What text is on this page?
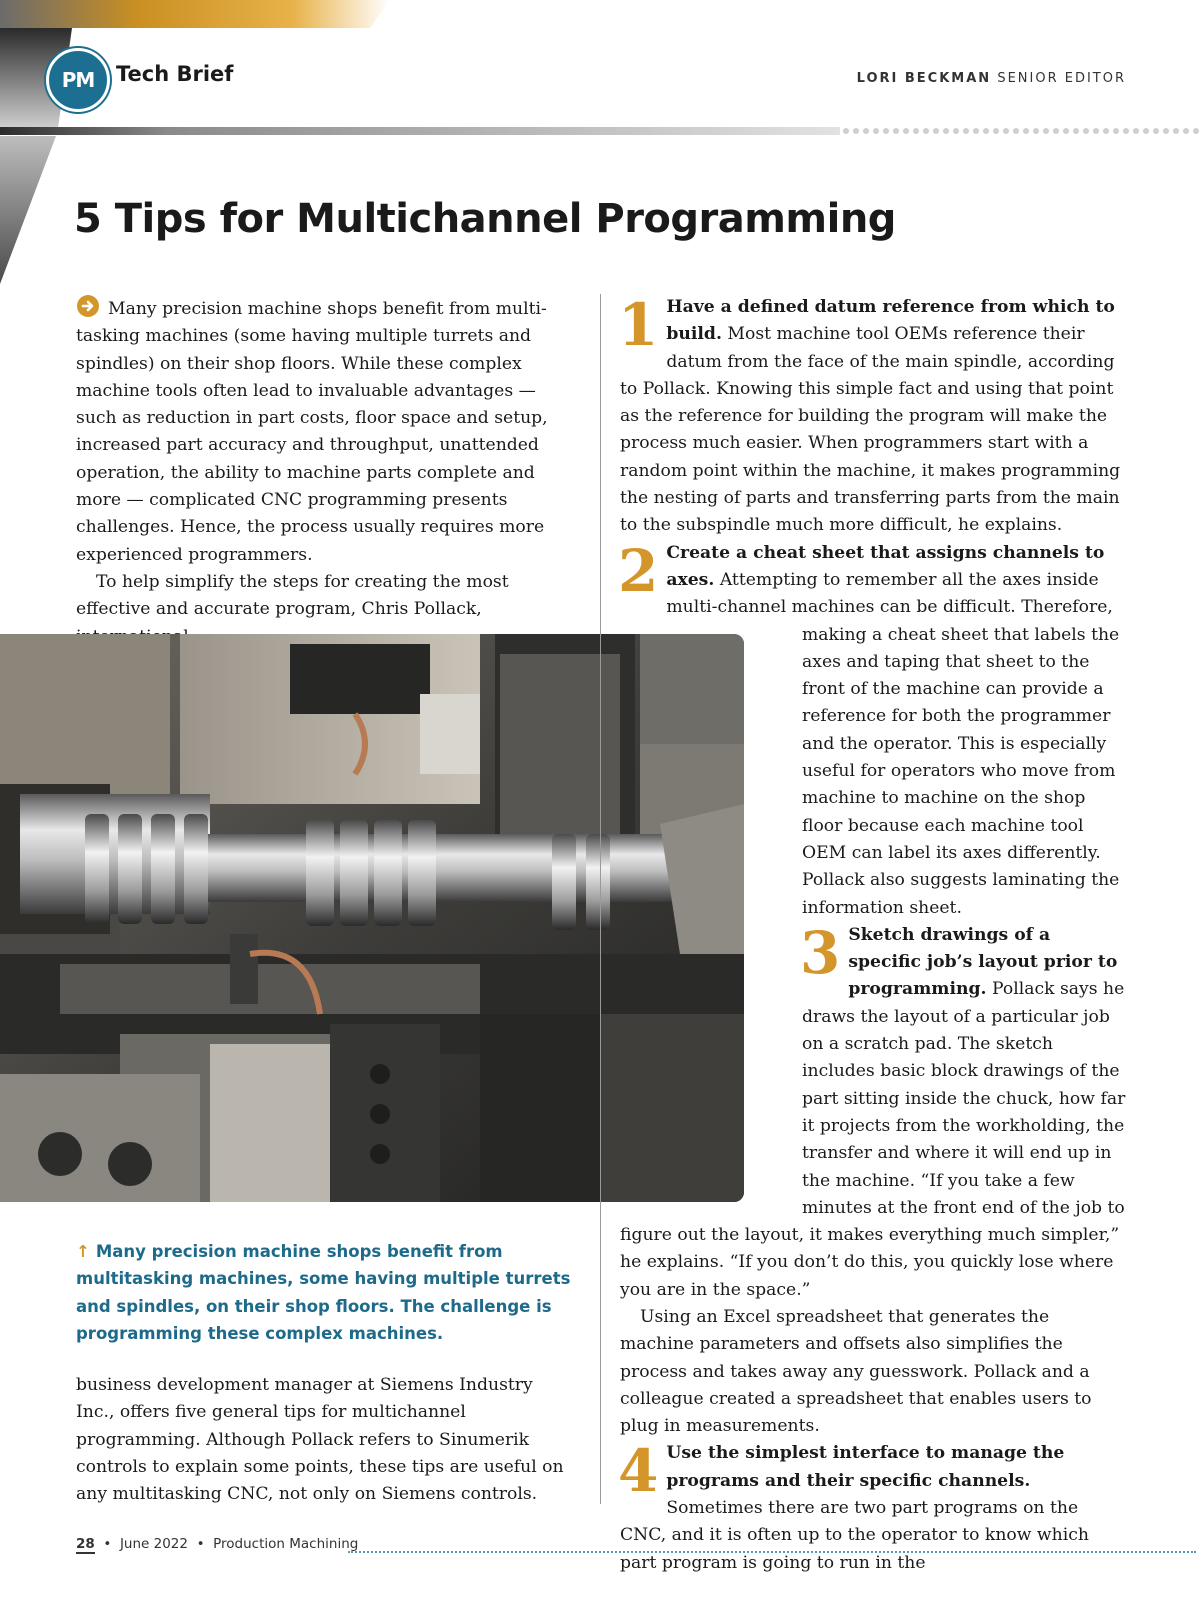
PM	Tech Brief	LORI BECKMAN SENIOR EDITOR
5 Tips for Multichannel Programming

Many precision machine shops benefit from multi-tasking machines (some having multiple turrets and spindles) on their shop floors. While these complex machine tools often lead to invaluable advantages — such as reduction in part costs, floor space and setup, increased part accuracy and throughput, unattended operation, the ability to machine parts complete and more — complicated CNC programming presents challenges. Hence, the process usually requires more experienced programmers.

To help simplify the steps for creating the most effective and accurate program, Chris Pollack,

↑ Many precision machine shops benefit from multitasking machines, some having multiple turrets and spindles, on their shop floors. The challenge is programming these complex machines.

business development manager at Siemens Industry Inc., offers five general tips for multichannel programming. Although Pollack refers to Sinumerik controls to explain some points, these tips are useful on any multitasking CNC, not only on Siemens controls.

1 Have a defined datum reference from which to build. Most machine tool OEMs reference their datum from the face of the main spindle, according to Pollack. Knowing this simple fact and using that point as the reference for building the program will make the process much easier. When programmers start with a random point within the machine, it makes programming the nesting of parts and transferring parts from the main to the subspindle much more difficult, he explains.

2 Create a cheat sheet that assigns channels to axes. Attempting to remember all the axes inside multi-
channel machines can be difficult. Therefore, making a cheat sheet that labels the axes and taping that sheet to the front of the machine can provide a reference for both the programmer and the operator. This is especially useful for operators who move from machine to machine on the shop floor because each machine tool OEM can label its axes differently. Pollack also suggests laminating the information sheet.

3 Sketch drawings of a specific job’s layout prior to programming. Pollack says he draws the layout of a particular job on a scratch pad. The sketch includes basic block drawings of the part sitting inside the chuck, how far it projects from the workholding, the transfer and where it will end up in the machine. “If you take a few minutes at the front end of the job to figure out the layout, it makes everything much simpler,” he explains. “If you don’t do this, you quickly lose where you are in the space.”

Using an Excel spreadsheet that generates the machine parameters and offsets also simplifies the process and takes away any guesswork. Pollack and a colleague created a spreadsheet that enables users to plug in measurements.

4 Use the simplest interface to manage the programs and their specific channels. Sometimes there are two part programs on the CNC, and it is often up to the operator to know which part program is going to run in the

28  •  June 2022  •  Production Machining
